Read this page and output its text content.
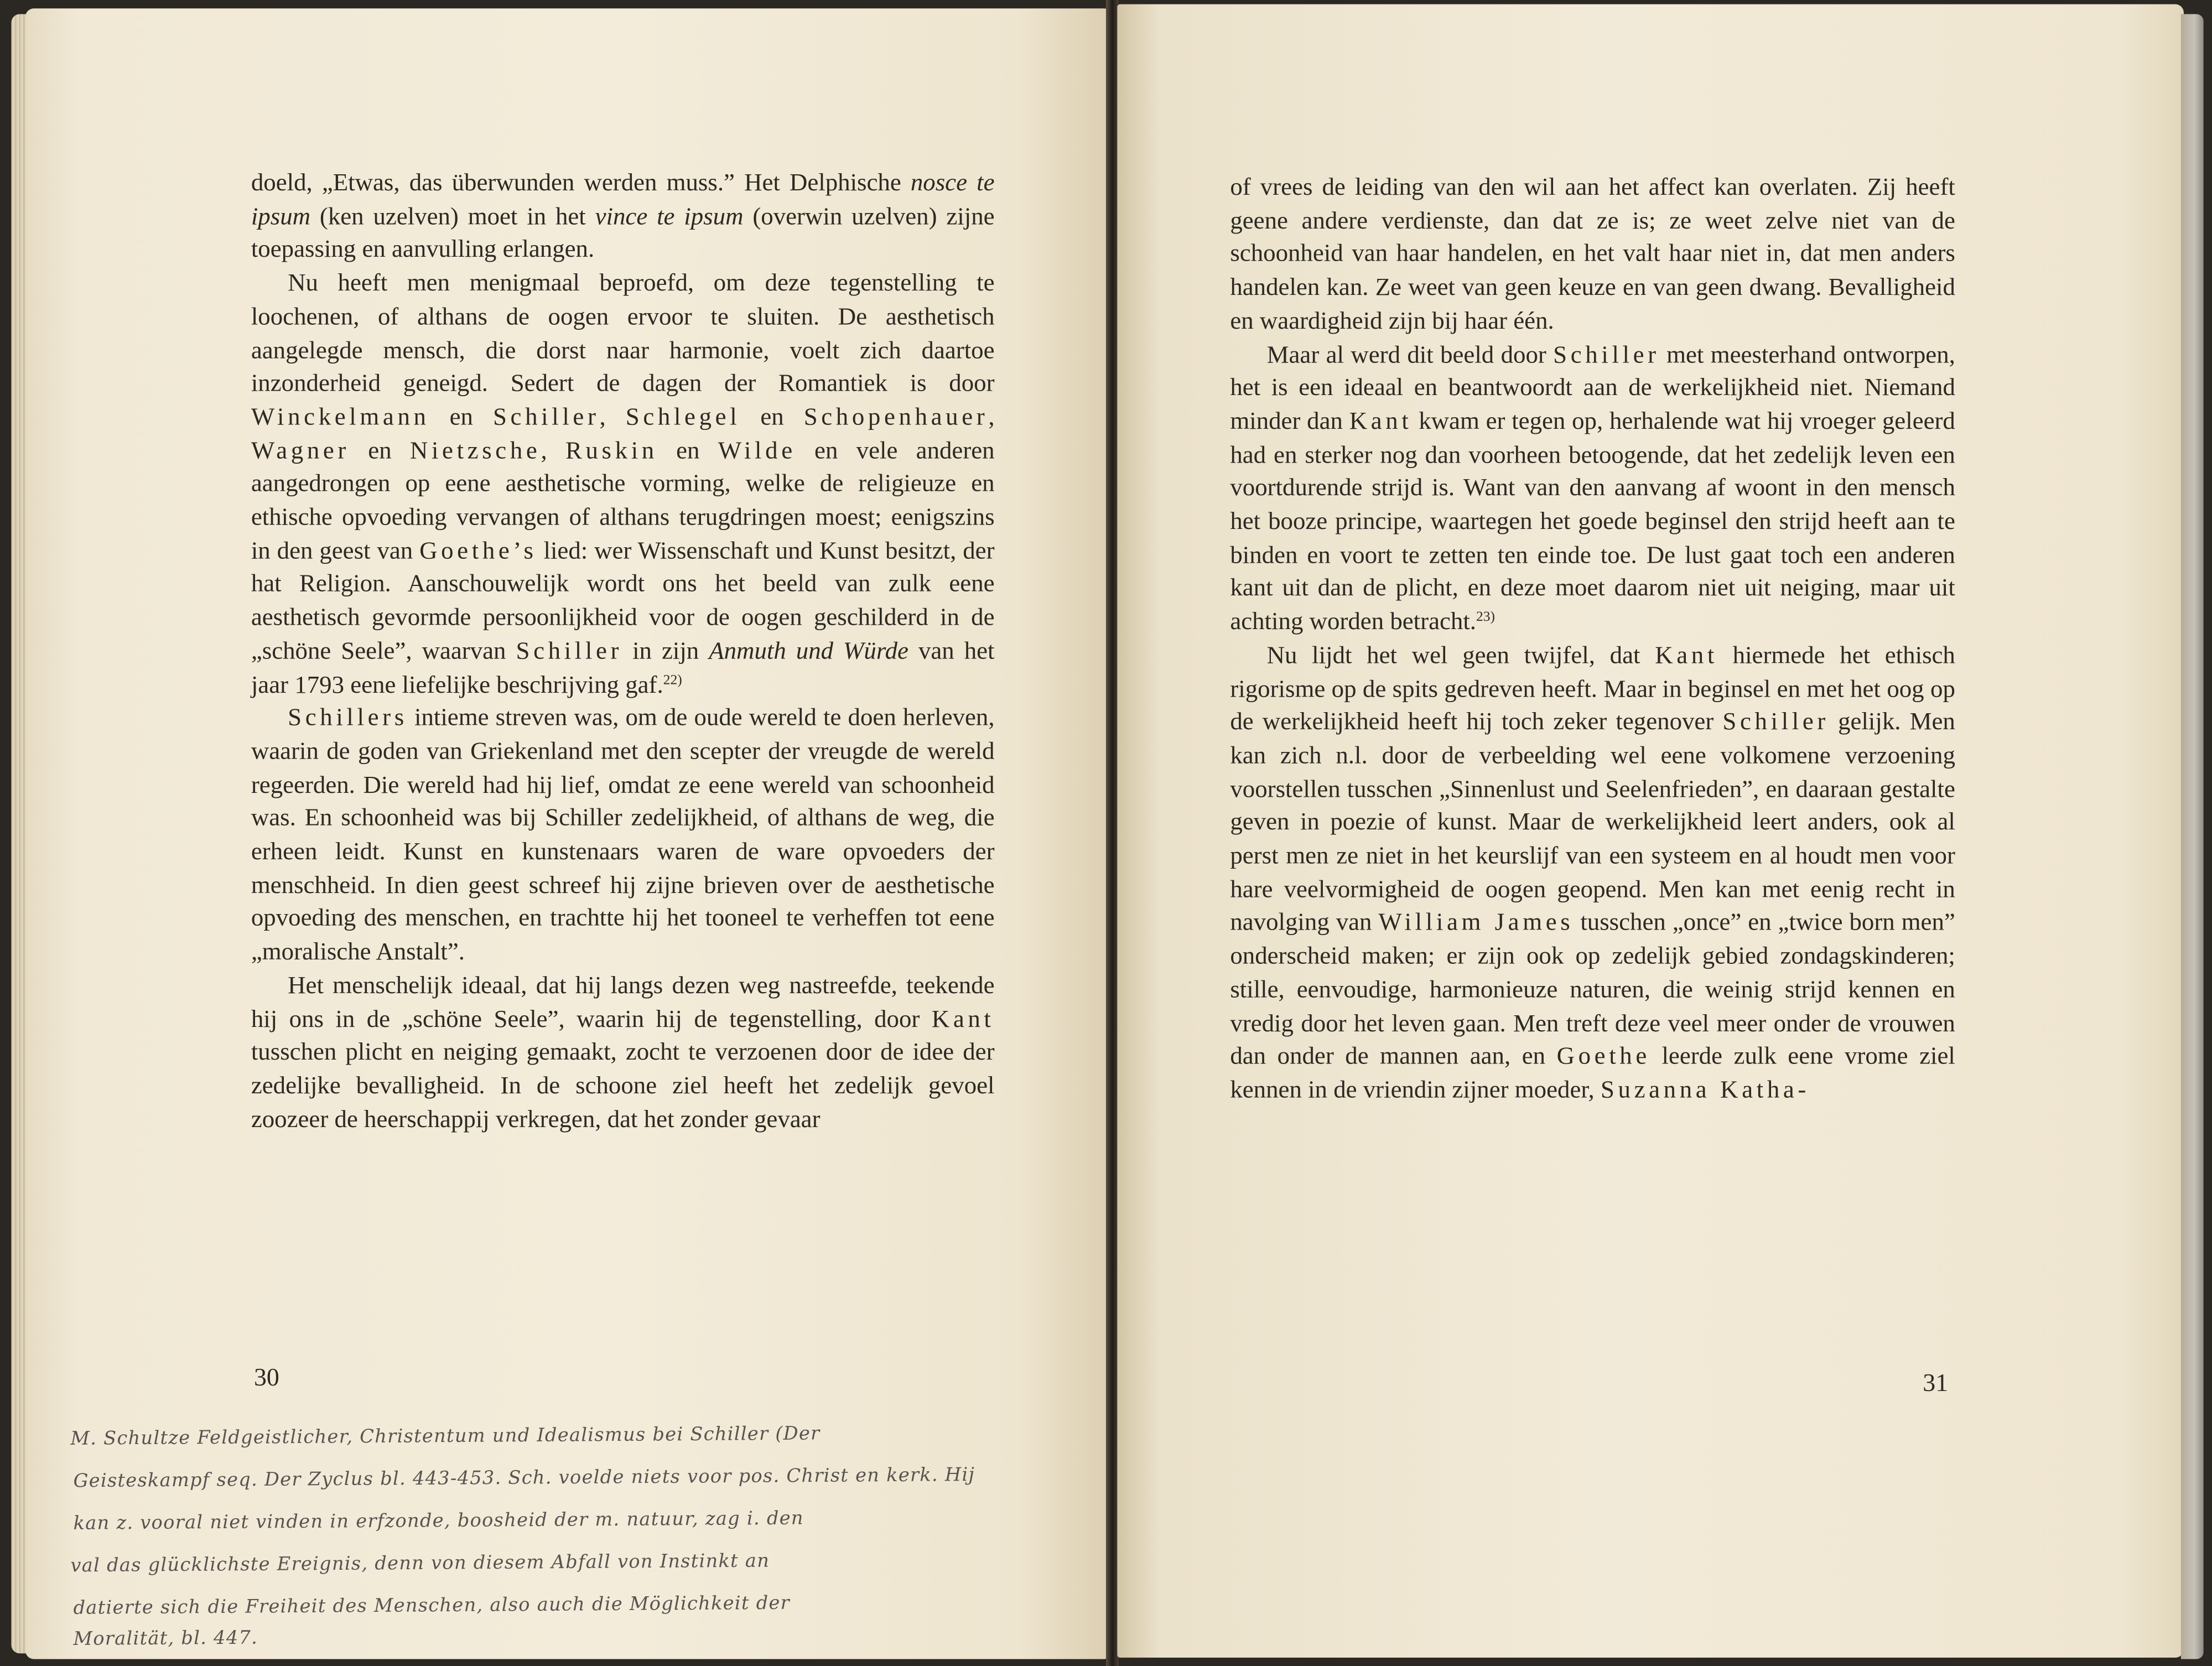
doeld, „Etwas, das überwunden werden muss.” Het Delphische nosce te ipsum (ken uzelven) moet in het vince te ipsum (overwin uzelven) zijne toepassing en aanvulling erlangen.

Nu heeft men menigmaal beproefd, om deze tegenstelling te loochenen, of althans de oogen ervoor te sluiten. De aesthetisch aangelegde mensch, die dorst naar harmonie, voelt zich daartoe inzonderheid geneigd. Sedert de dagen der Romantiek is door Winckelmann en Schiller, Schlegel en Schopenhauer, Wagner en Nietzsche, Ruskin en Wilde en vele anderen aangedrongen op eene aesthetische vorming, welke de religieuze en ethische opvoeding vervangen of althans terugdringen moest; eenigszins in den geest van Goethe’s lied: wer Wissenschaft und Kunst besitzt, der hat Religion. Aanschouwelijk wordt ons het beeld van zulk eene aesthetisch gevormde persoonlijkheid voor de oogen geschilderd in de „schöne Seele”, waarvan Schiller in zijn Anmuth und Würde van het jaar 1793 eene liefelijke beschrijving gaf.$^{22)}$

Schillers intieme streven was, om de oude wereld te doen herleven, waarin de goden van Griekenland met den scepter der vreugde de wereld regeerden. Die wereld had hij lief, omdat ze eene wereld van schoonheid was. En schoonheid was bij Schiller zedelijkheid, of althans de weg, die erheen leidt. Kunst en kunstenaars waren de ware opvoeders der menschheid. In dien geest schreef hij zijne brieven over de aesthetische opvoeding des menschen, en trachtte hij het tooneel te verheffen tot eene „moralische Anstalt”.

Het menschelijk ideaal, dat hij langs dezen weg nastreefde, teekende hij ons in de „schöne Seele”, waarin hij de tegenstelling, door Kant tusschen plicht en neiging gemaakt, zocht te verzoenen door de idee der zedelijke bevalligheid. In de schoone ziel heeft het zedelijk gevoel zoozeer de heerschappij verkregen, dat het zonder gevaar

30
M. Schultze Feldgeistlicher, Christentum und Idealismus bei Schiller (Der
Geisteskampf seq. Der Zyclus bl. 443-453. Sch. voelde niets voor pos. Christ en kerk. Hij
kan z. vooral niet vinden in erfzonde, boosheid der m. natuur, zag i. den
val das glücklichste Ereignis, denn von diesem Abfall von Instinkt an
datierte sich die Freiheit des Menschen, also auch die Möglichkeit der
Moralität, bl. 447.

of vrees de leiding van den wil aan het affect kan overlaten. Zij heeft geene andere verdienste, dan dat ze is; ze weet zelve niet van de schoonheid van haar handelen, en het valt haar niet in, dat men anders handelen kan. Ze weet van geen keuze en van geen dwang. Bevalligheid en waardigheid zijn bij haar één.

Maar al werd dit beeld door Schiller met meesterhand ontworpen, het is een ideaal en beantwoordt aan de werkelijkheid niet. Niemand minder dan Kant kwam er tegen op, herhalende wat hij vroeger geleerd had en sterker nog dan voorheen betoogende, dat het zedelijk leven een voortdurende strijd is. Want van den aanvang af woont in den mensch het booze principe, waartegen het goede beginsel den strijd heeft aan te binden en voort te zetten ten einde toe. De lust gaat toch een anderen kant uit dan de plicht, en deze moet daarom niet uit neiging, maar uit achting worden betracht.$^{23)}$

Nu lijdt het wel geen twijfel, dat Kant hiermede het ethisch rigorisme op de spits gedreven heeft. Maar in beginsel en met het oog op de werkelijkheid heeft hij toch zeker tegenover Schiller gelijk. Men kan zich n.l. door de verbeelding wel eene volkomene verzoening voorstellen tusschen „Sinnenlust und Seelenfrieden”, en daaraan gestalte geven in poezie of kunst. Maar de werkelijkheid leert anders, ook al perst men ze niet in het keurslijf van een systeem en al houdt men voor hare veelvormigheid de oogen geopend. Men kan met eenig recht in navolging van William James tusschen „once” en „twice born men” onderscheid maken; er zijn ook op zedelijk gebied zondagskinderen; stille, eenvoudige, harmonieuze naturen, die weinig strijd kennen en vredig door het leven gaan. Men treft deze veel meer onder de vrouwen dan onder de mannen aan, en Goethe leerde zulk eene vrome ziel kennen in de vriendin zijner moeder, Suzanna Katha-

31
